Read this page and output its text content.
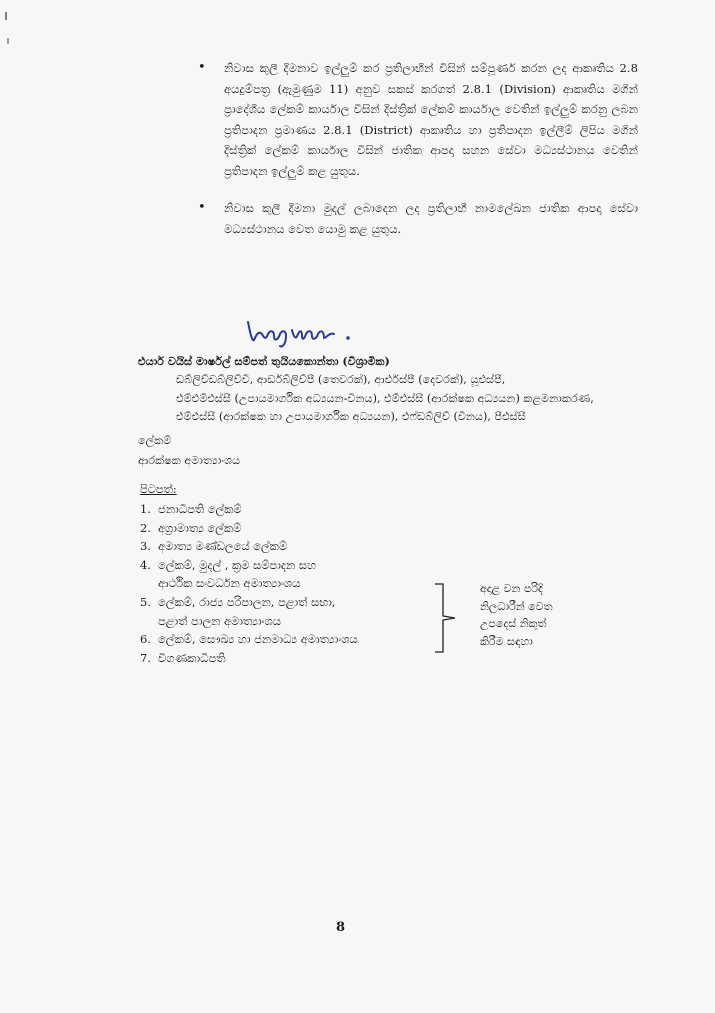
• නිවාස කුලී දීමනාව ඉල්ලුම් කර ප්‍රතිලාභීන් විසින් සම්පූර්ණ කරන ලද ආකෘතිය 2.8 අයදුම්පත්‍ර (ඇමුණුම 11) අනුව සකස් කරගත් 2.8.1 (Division) ආකෘතිය මගින් ප්‍රාදේශීය ලේකම් කාර්යාල විසින් දිස්ත්‍රික් ලේකම් කාර්යාල වෙතින් ඉල්ලුම් කරනු ලබන ප්‍රතිපාදන ප්‍රමාණය 2.8.1 (District) ආකෘතිය හා ප්‍රතිපාදන ඉල්ලීම් ලිපිය මගින් දිස්ත්‍රික් ලේකම් කාර්යාල විසින් ජාතික ආපදා සහන සේවා මධ්‍යස්ථානය වෙතින් ප්‍රතිපාදන ඉල්ලුම් කළ යුතුය.
• නිවාස කුලී දීමනා මුදල් ලබාදෙන ලද ප්‍රතිලාභී නාමලේඛන ජාතික ආපදා සේවා මධ්‍යස්ථානය වෙත යොමු කළ යුතුය.
එයාර් වයිස් මාර්ෂල් සම්පත් තුයියකොන්තා (විශ්‍රාමික)
ඩබ්ලිව්ඩබ්ලිව්වී, ආර්ඩබ්ලිව්පී (තෙවරක්), ආර්එස්පී (දෙවරක්), යූඑස්පී,
එම්එම්එස්සී (උපායමාර්ගික අධ්‍යයන-විනය), එම්එස්සී (ආරක්ෂක අධ්‍යයන) කළමනාකරණ,
එම්එස්සී (ආරක්ෂක හා උපායමාර්ගික අධ්‍යයන), එෆ්ඩබ්ලිව් (විනය), පීඑස්සී
ලේකම්
ආරක්ෂක අමාත්‍යාංශය
පිටපත්:
1. ජනාධිපති ලේකම්
2. අග්‍රාමාත්‍ය ලේකම්
3. අමාත්‍ය මණ්ඩලයේ ලේකම්
4. ලේකම්, මුදල් , ක්‍රම සම්පාදන සහ
ආර්ථික සංවර්ධන අමාත්‍යාංශය
5. ලේකම්, රාජ්‍ය පරිපාලන, පළාත් සභා,
පළාත් පාලන අමාත්‍යාංශය
6. ලේකම්, සෞඛ්‍ය හා ජනමාධ්‍ය අමාත්‍යාංශය
7. විගණකාධිපති
අදාළ වන පරිදි
නිලධාරීන් වෙත
උපදෙස් නිකුත්
කිරීම සඳහා
8
